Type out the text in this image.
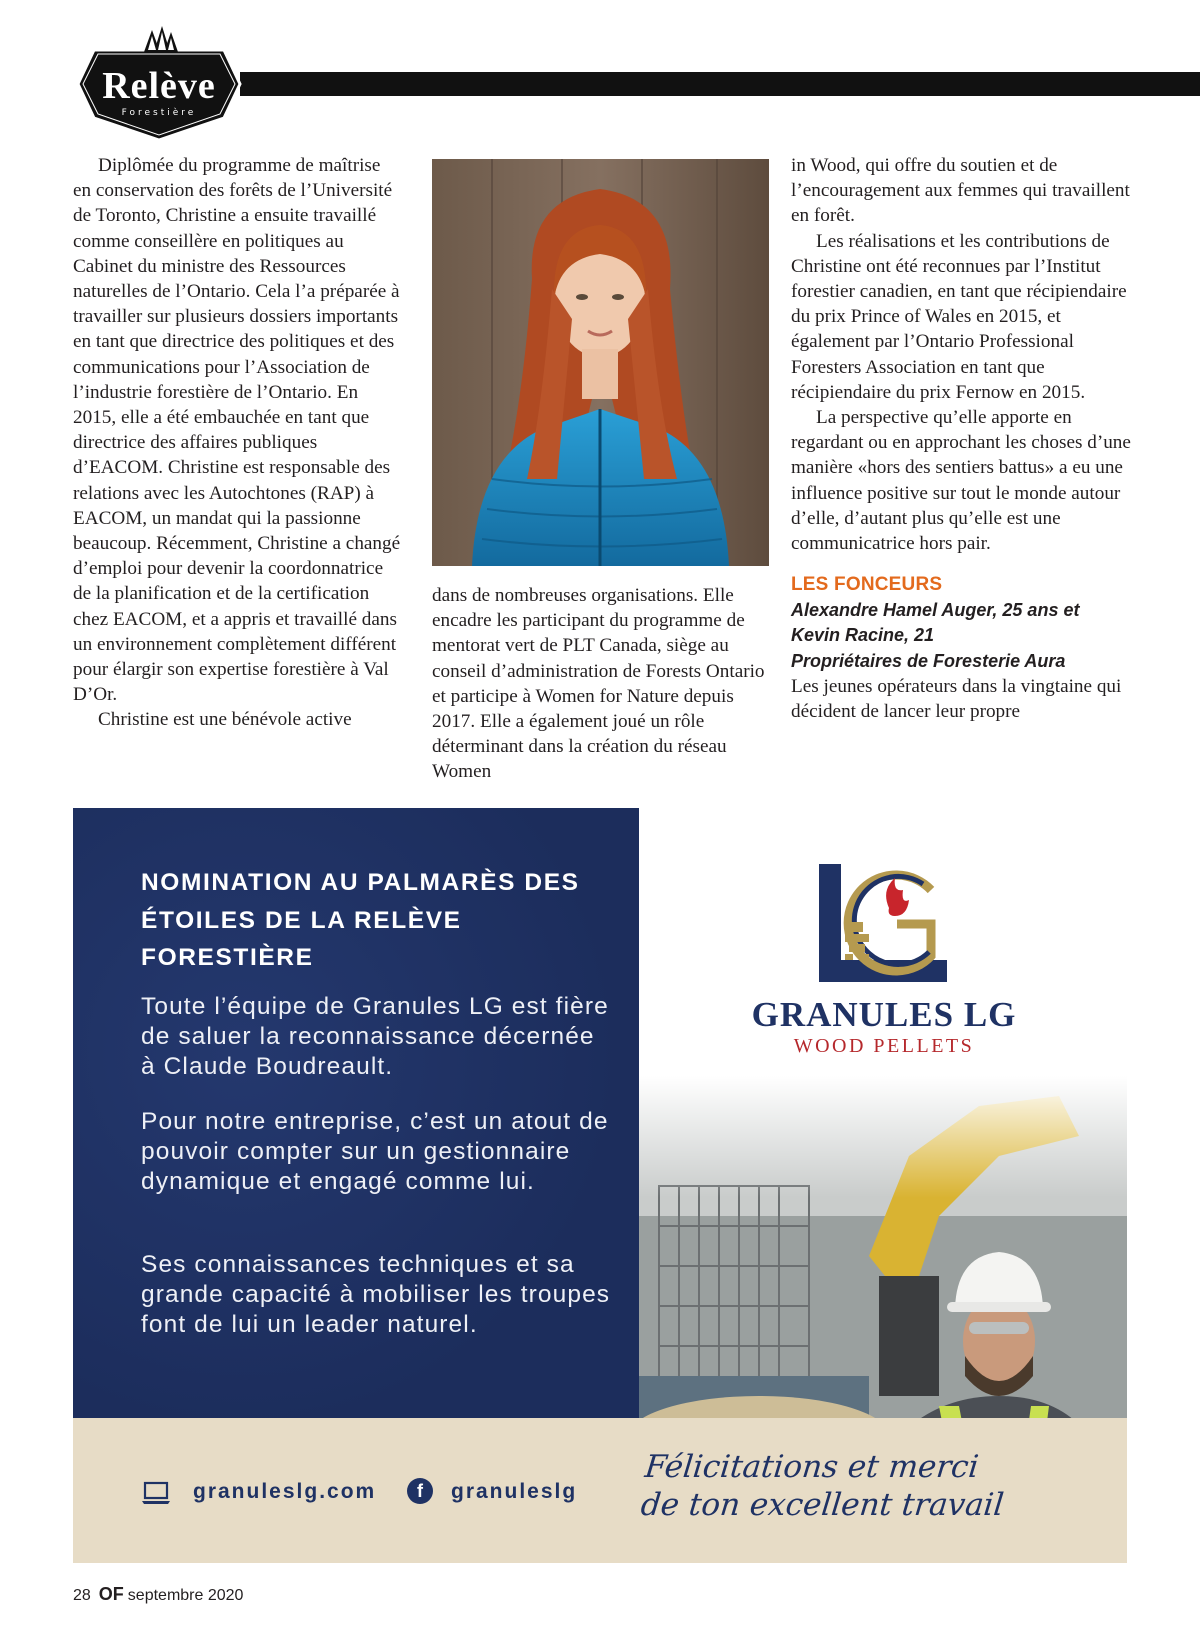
Relève
Forestière

Diplômée du programme de maîtrise en conservation des forêts de l’Université de Toronto, Christine a ensuite travaillé comme conseillère en politiques au Cabinet du ministre des Ressources naturelles de l’Ontario. Cela l’a préparée à travailler sur plusieurs dossiers importants en tant que directrice des politiques et des communications pour l’Association de l’industrie forestière de l’Ontario. En 2015, elle a été embauchée en tant que directrice des affaires publiques d’EACOM. Christine est responsable des relations avec les Autochtones (RAP) à EACOM, un mandat qui la passionne beaucoup. Récemment, Christine a changé d’emploi pour devenir la coordonnatrice de la planification et de la certification chez EACOM, et a appris et travaillé dans un environnement complètement différent pour élargir son expertise forestière à Val D’Or.

Christine est une bénévole active

dans de nombreuses organisations. Elle encadre les participant du programme de mentorat vert de PLT Canada, siège au conseil d’administration de Forests Ontario et participe à Women for Nature depuis 2017. Elle a également joué un rôle déterminant dans la création du réseau Women

in Wood, qui offre du soutien et de l’encouragement aux femmes qui travaillent en forêt.

Les réalisations et les contributions de Christine ont été reconnues par l’Institut forestier canadien, en tant que récipiendaire du prix Prince of Wales en 2015, et également par l’Ontario Professional Foresters Association en tant que récipiendaire du prix Fernow en 2015.

La perspective qu’elle apporte en regardant ou en approchant les choses d’une manière «hors des sentiers battus» a eu une influence positive sur tout le monde autour d’elle, d’autant plus qu’elle est une communicatrice hors pair.

LES FONCEURS
Alexandre Hamel Auger, 25 ans et Kevin Racine, 21
Propriétaires de Foresterie Aura

Les jeunes opérateurs dans la vingtaine qui décident de lancer leur propre

NOMINATION AU PALMARÈS DES ÉTOILES DE LA RELÈVE FORESTIÈRE
Toute l’équipe de Granules LG est fière de saluer la reconnaissance décernée à Claude Boudreault.
Pour notre entreprise, c’est un atout de pouvoir compter sur un gestionnaire dynamique et engagé comme lui.
Ses connaissances techniques et sa grande capacité à mobiliser les troupes font de lui un leader naturel.
GRANULES LG
WOOD PELLETS
granuleslg.com	f	granuleslg
Félicitations et merci
de ton excellent travail
28 OF septembre 2020
